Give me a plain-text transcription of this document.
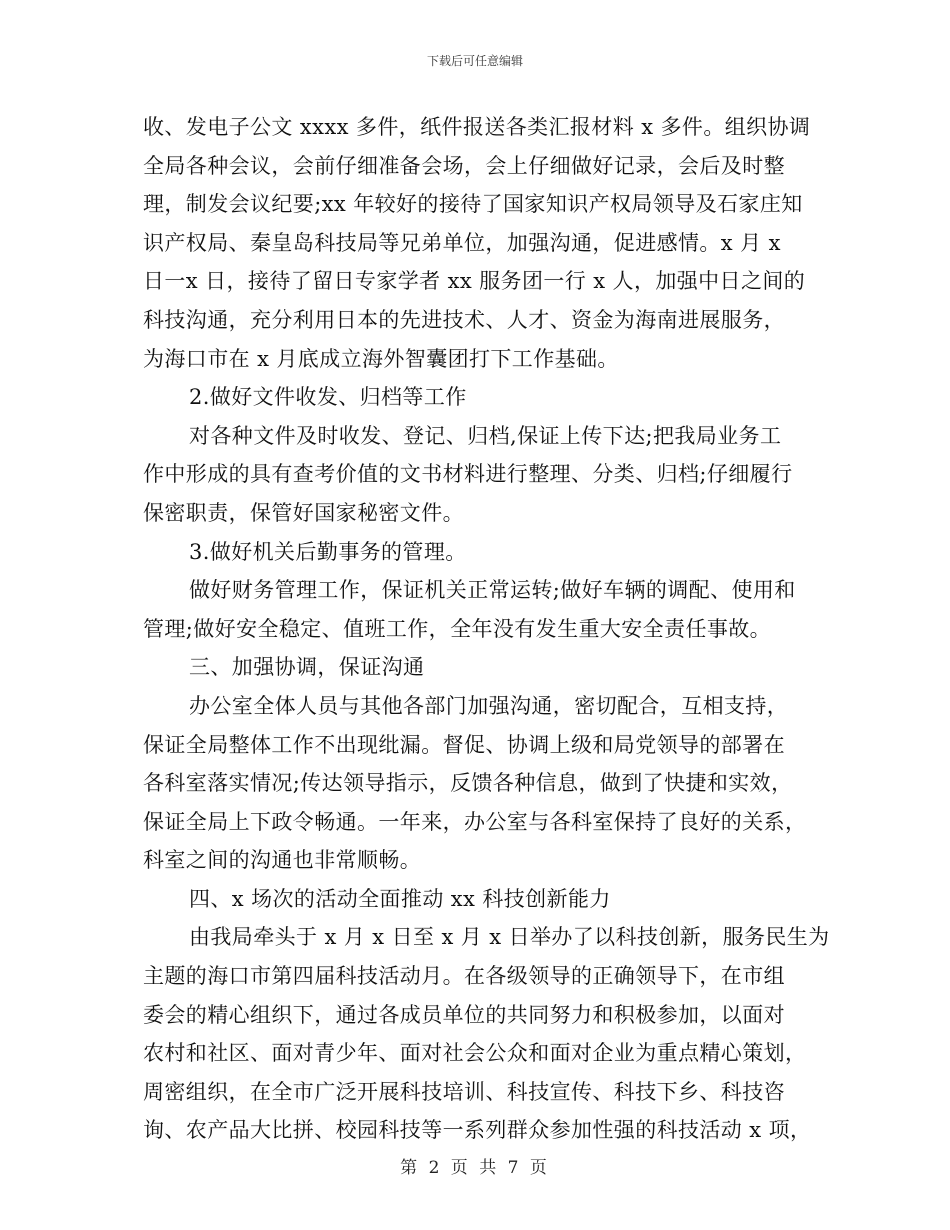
下载后可任意编辑
收、发电子公文 xxxx 多件，纸件报送各类汇报材料 x 多件。组织协调
全局各种会议，会前仔细准备会场，会上仔细做好记录，会后及时整
理，制发会议纪要;xx 年较好的接待了国家知识产权局领导及石家庄知
识产权局、秦皇岛科技局等兄弟单位，加强沟通，促进感情。x 月 x
日一x 日，接待了留日专家学者 xx 服务团一行 x 人，加强中日之间的
科技沟通，充分利用日本的先进技术、人才、资金为海南进展服务，
为海口市在 x 月底成立海外智囊团打下工作基础。
2.做好文件收发、归档等工作
对各种文件及时收发、登记、归档,保证上传下达;把我局业务工
作中形成的具有查考价值的文书材料进行整理、分类、归档;仔细履行
保密职责，保管好国家秘密文件。
3.做好机关后勤事务的管理。
做好财务管理工作，保证机关正常运转;做好车辆的调配、使用和
管理;做好安全稳定、值班工作，全年没有发生重大安全责任事故。
三、加强协调，保证沟通
办公室全体人员与其他各部门加强沟通，密切配合，互相支持，
保证全局整体工作不出现纰漏。督促、协调上级和局党领导的部署在
各科室落实情况;传达领导指示，反馈各种信息，做到了快捷和实效，
保证全局上下政令畅通。一年来，办公室与各科室保持了良好的关系，
科室之间的沟通也非常顺畅。
四、x 场次的活动全面推动 xx 科技创新能力
由我局牵头于 x 月 x 日至 x 月 x 日举办了以科技创新，服务民生为
主题的海口市第四届科技活动月。在各级领导的正确领导下，在市组
委会的精心组织下，通过各成员单位的共同努力和积极参加，以面对
农村和社区、面对青少年、面对社会公众和面对企业为重点精心策划，
周密组织，在全市广泛开展科技培训、科技宣传、科技下乡、科技咨
询、农产品大比拼、校园科技等一系列群众参加性强的科技活动 x 项，
第 2 页 共 7 页
